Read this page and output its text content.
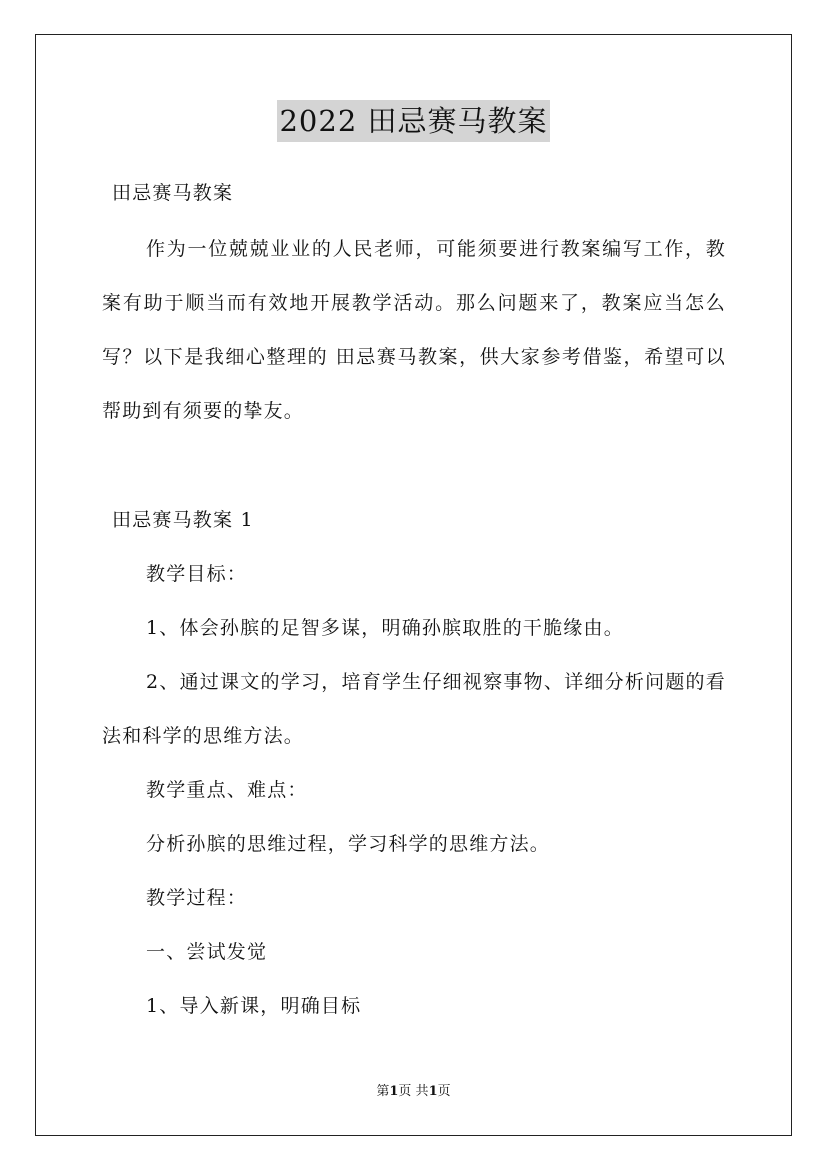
2022 田忌赛马教案
田忌赛马教案
作为一位兢兢业业的人民老师，可能须要进行教案编写工作，教
案有助于顺当而有效地开展教学活动。那么问题来了，教案应当怎么
写？以下是我细心整理的 田忌赛马教案，供大家参考借鉴，希望可以
帮助到有须要的挚友。
田忌赛马教案 1
教学目标：
1、体会孙膑的足智多谋，明确孙膑取胜的干脆缘由。
2、通过课文的学习，培育学生仔细视察事物、详细分析问题的看
法和科学的思维方法。
教学重点、难点：
分析孙膑的思维过程，学习科学的思维方法。
教学过程：
一、尝试发觉
1、导入新课，明确目标
第1页 共1页
